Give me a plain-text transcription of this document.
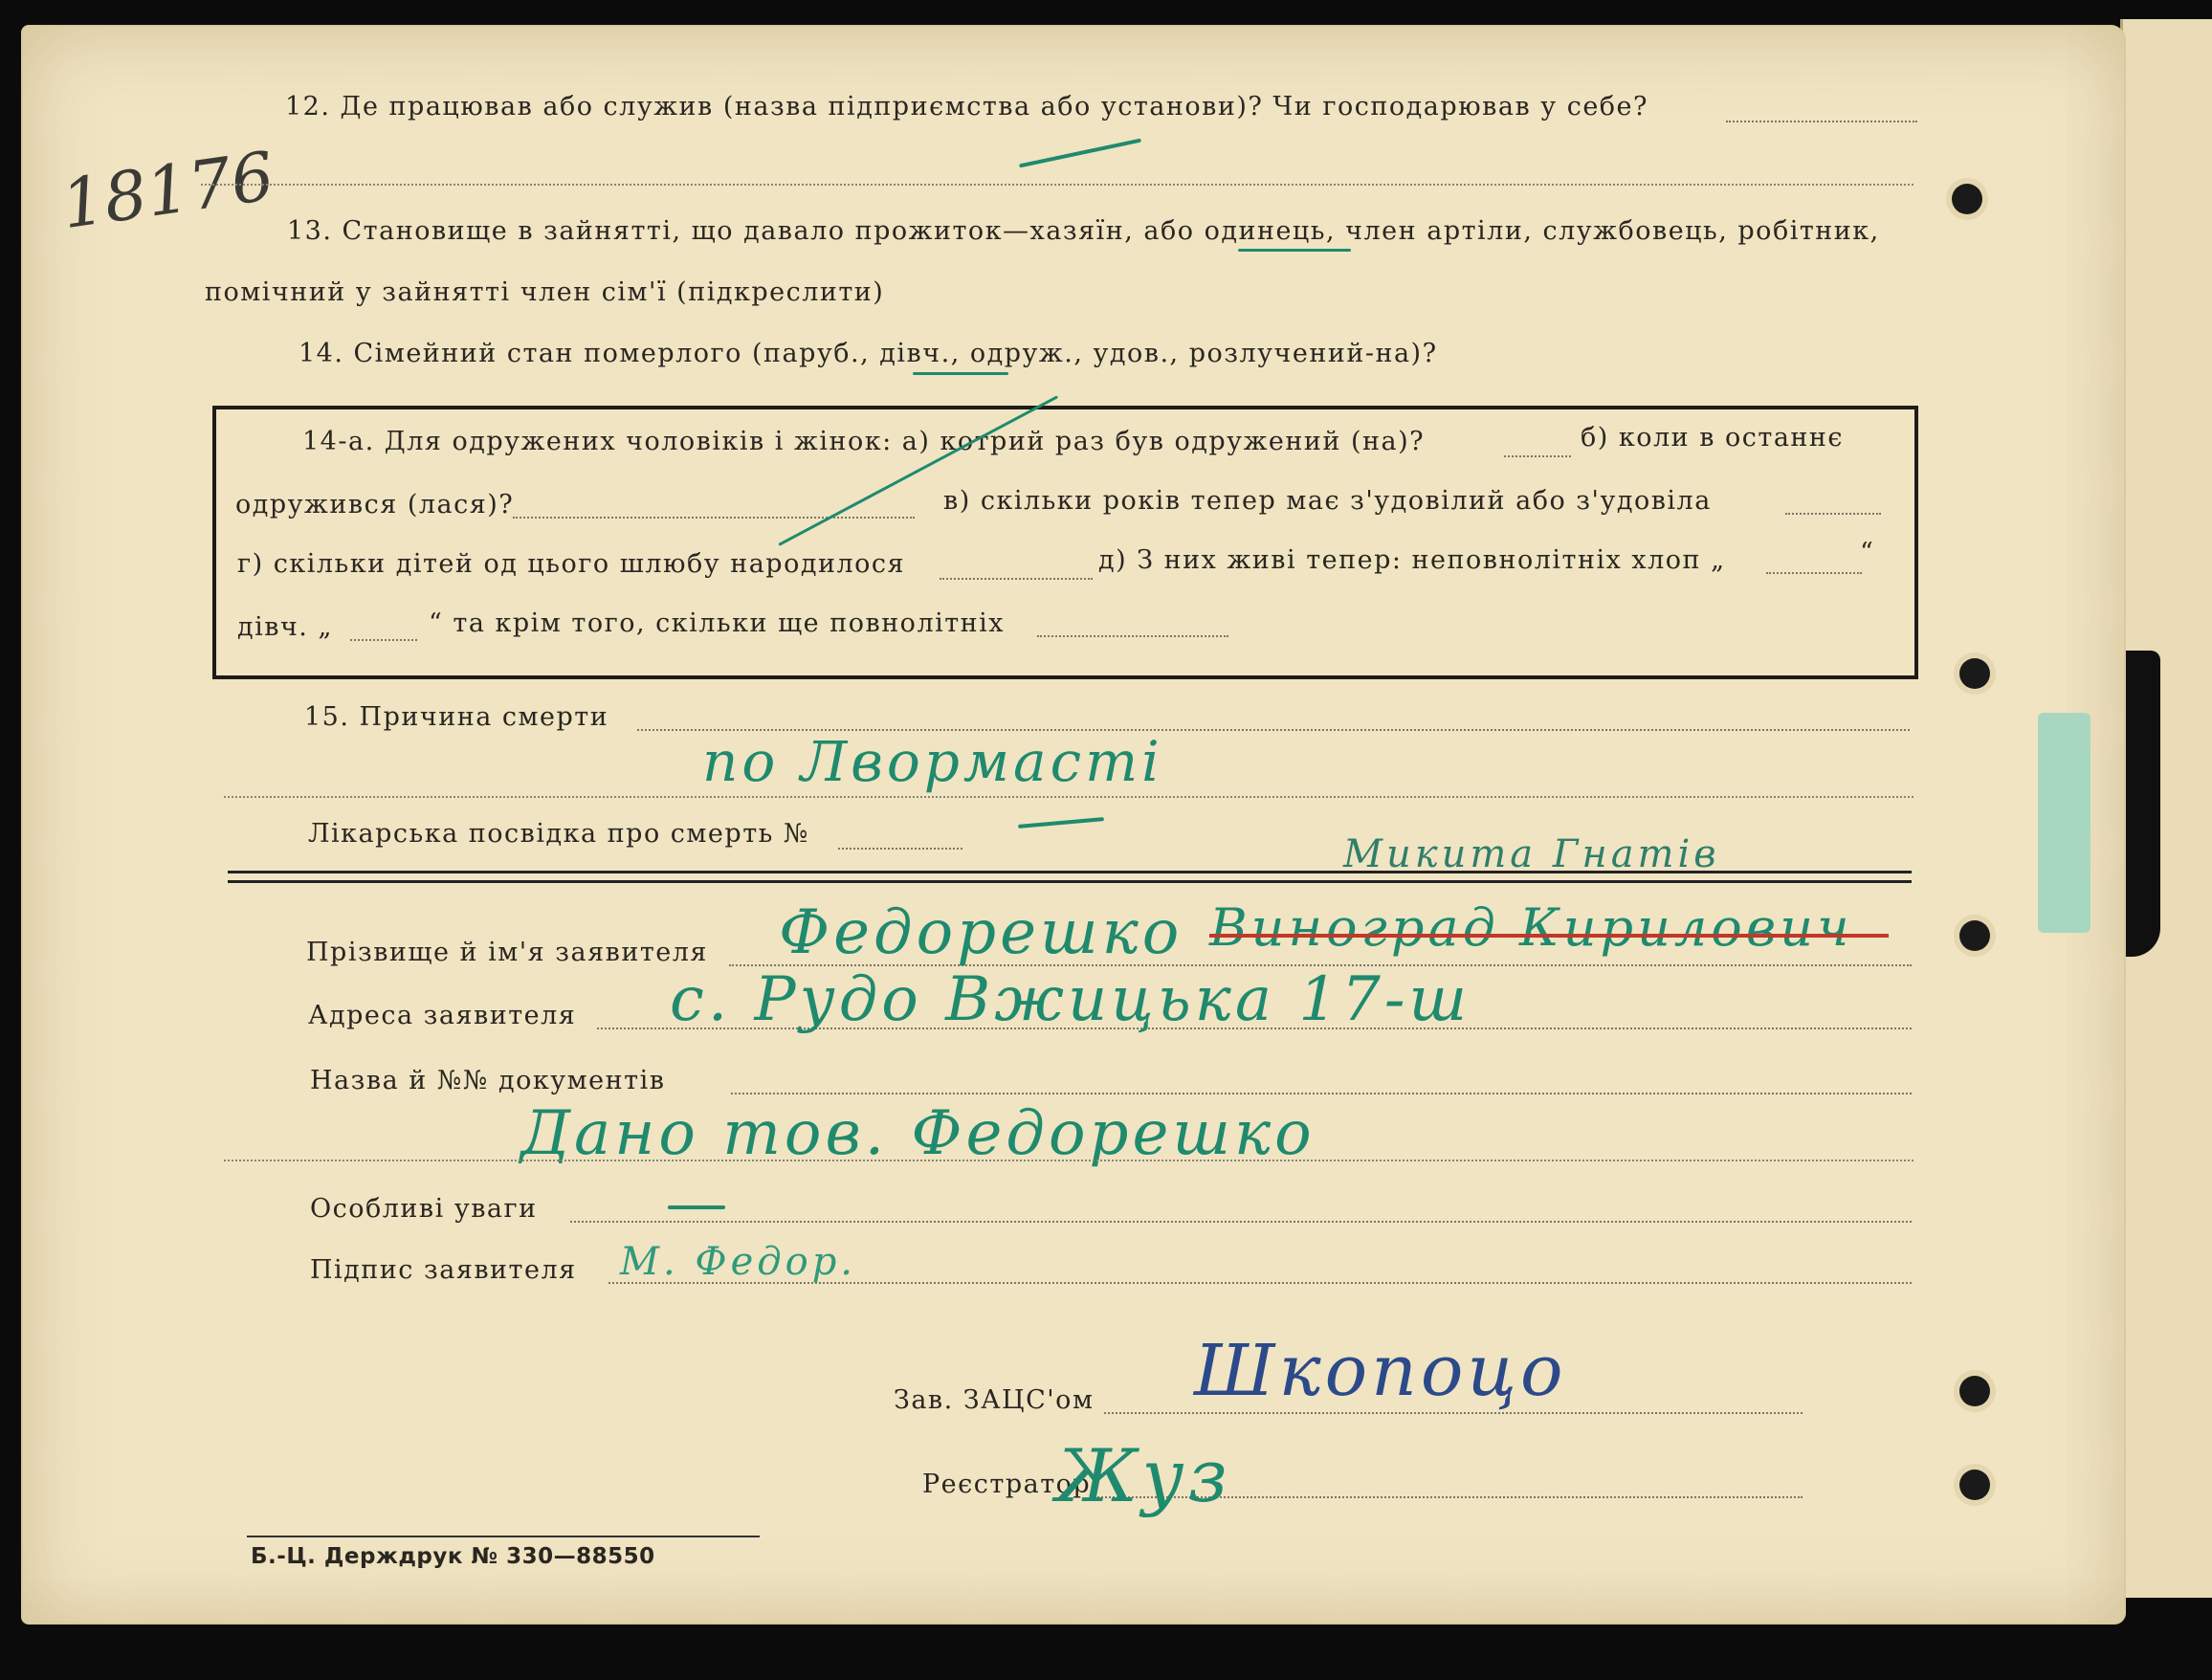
18176
12. Де працював або служив (назва підприємства або установи)? Чи господарював у себе?
13. Становище в зайнятті, що давало прожиток—хазяїн, або одинець, член артіли, службовець, робітник,
помічний у зайнятті член сім'ї (підкреслити)
14. Сімейний стан померлого (паруб., дівч., одруж., удов., розлучений-на)?
14-а. Для одружених чоловіків і жінок: а) котрий раз був одружений (на)?	б) коли в останнє
одружився (лася)?	в) скільки років тепер має з'удовілий або з'удовіла
г) скільки дітей од цього шлюбу народилося	д) З них живі тепер: неповнолітніх хлоп „	“
дівч. „	“ та крім того, скільки ще повнолітніх
15. Причина смерти
по Лвормасті
Лікарська посвідка про смерть №	Микита Гнатів
Прізвище й ім'я заявителя Федорешко Виноград Кирилович
Адреса заявителя с. Рудо Вжицька 17-ш
Назва й №№ документів
Дано тов. Федорешко
Особливі уваги
Підпис заявителя М. Федор.
Зав. ЗАЦС'ом Шкопоцо
Реєстратор
Жуз
Б.-Ц. Держдрук № 330—88550
